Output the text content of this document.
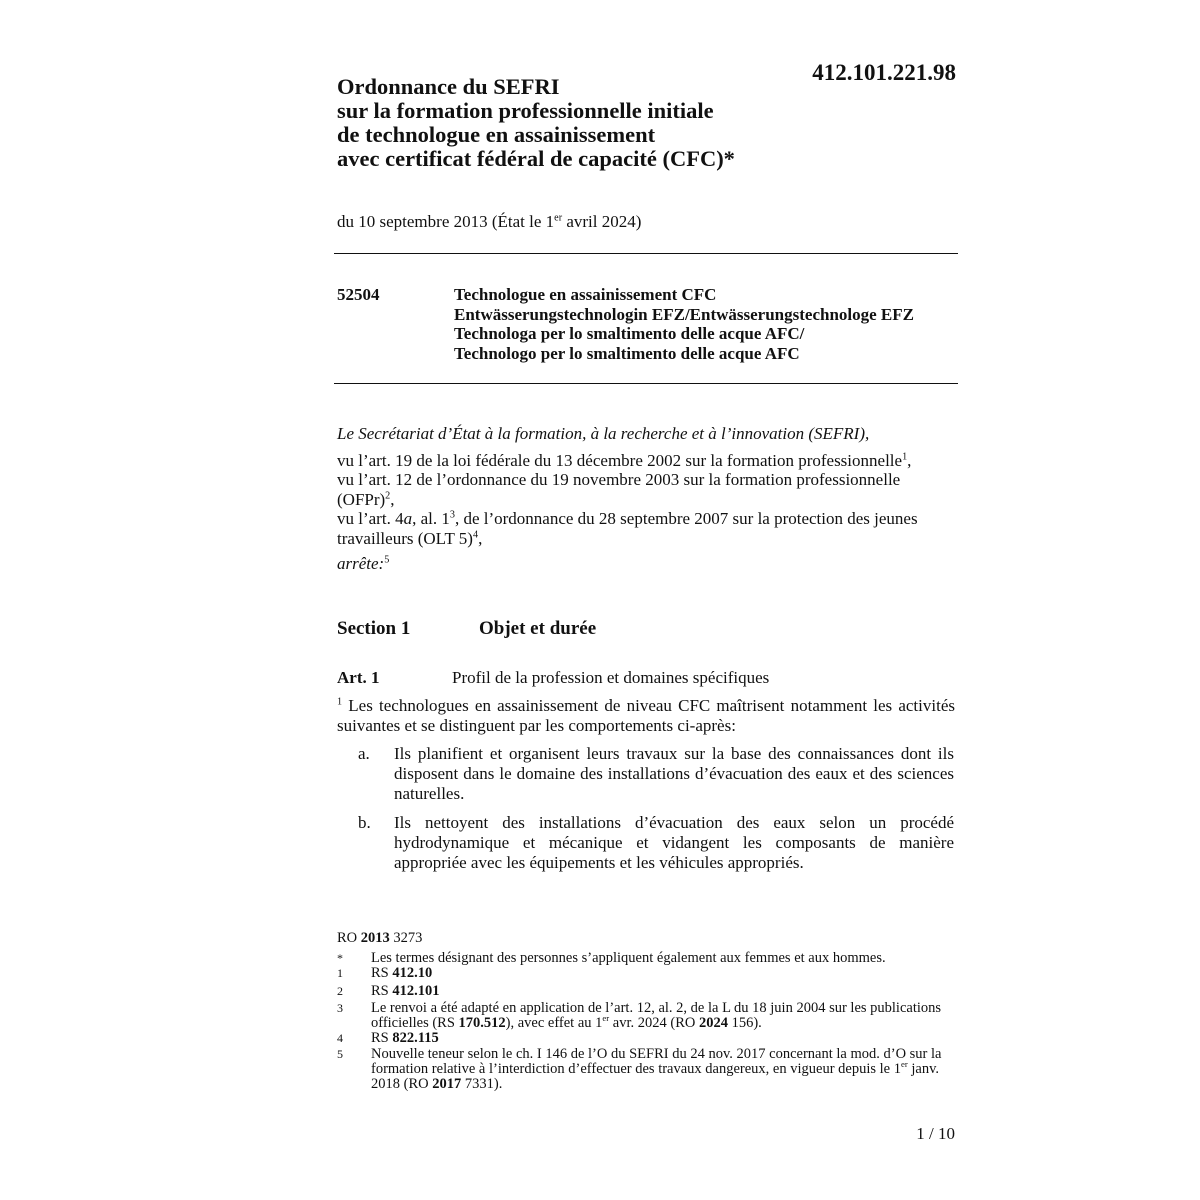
412.101.221.98
Ordonnance du SEFRI
sur la formation professionnelle initiale
de technologue en assainissement
avec certificat fédéral de capacité (CFC)*
du 10 septembre 2013 (État le 1er avril 2024)
52504	Technologue en assainissement CFC
Entwässerungstechnologin EFZ/Entwässerungstechnologe EFZ
Technologa per lo smaltimento delle acque AFC/
Technologo per lo smaltimento delle acque AFC
Le Secrétariat d’État à la formation, à la recherche et à l’innovation (SEFRI),
vu l’art. 19 de la loi fédérale du 13 décembre 2002 sur la formation professionnelle$^1$,
vu l’art. 12 de l’ordonnance du 19 novembre 2003 sur la formation professionnelle (OFPr)$^2$,
vu l’art. 4a, al. $1^3$, de l’ordonnance du 28 septembre 2007 sur la protection des jeunes travailleurs (OLT 5)$^4$,
arrête:$^5$
Section 1	Objet et durée
Art. 1	Profil de la profession et domaines spécifiques
$^1$ Les technologues en assainissement de niveau CFC maîtrisent notamment les activités suivantes et se distinguent par les comportements ci-après:
a. Ils planifient et organisent leurs travaux sur la base des connaissances dont ils disposent dans le domaine des installations d’évacuation des eaux et des sciences naturelles.
b. Ils nettoyent des installations d’évacuation des eaux selon un procédé hydrodynamique et mécanique et vidangent les composants de manière appropriée avec les équipements et les véhicules appropriés.
RO 2013 3273
* Les termes désignant des personnes s’appliquent également aux femmes et aux hommes.
1 RS 412.10
2 RS 412.101
3 Le renvoi a été adapté en application de l’art. 12, al. 2, de la L du 18 juin 2004 sur les publications officielles (RS 170.512), avec effet au 1er avr. 2024 (RO 2024 156).
4 RS 822.115
5 Nouvelle teneur selon le ch. I 146 de l’O du SEFRI du 24 nov. 2017 concernant la mod. d’O sur la formation relative à l’interdiction d’effectuer des travaux dangereux, en vigueur depuis le 1er janv. 2018 (RO 2017 7331).
1 / 10
